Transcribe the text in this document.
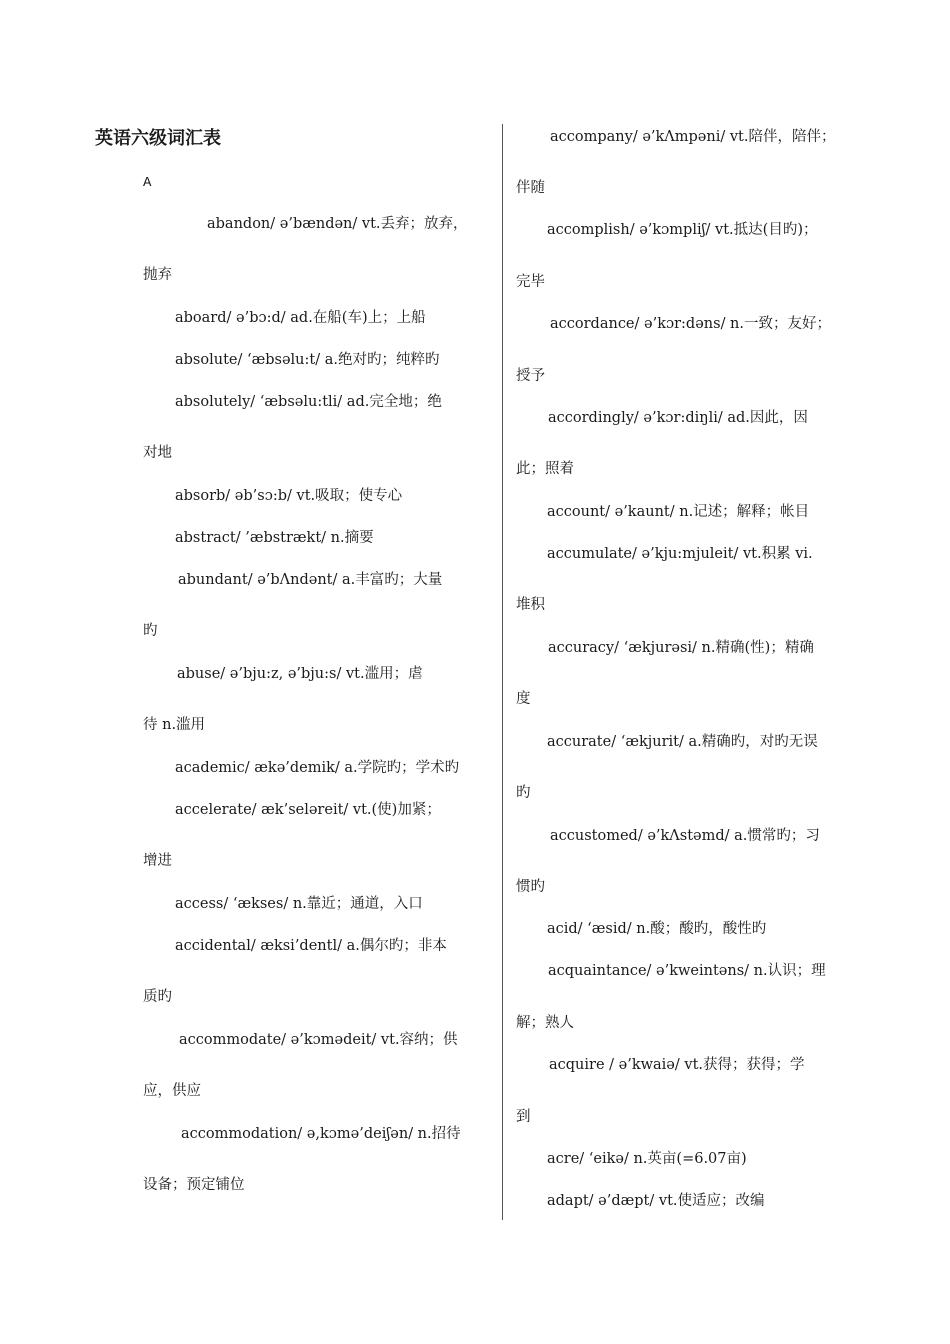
英语六级词汇表
A
abandon/ ə’bændən/ vt.丢弃；放弃，
抛弃
aboard/ ə’bɔ:d/ ad.在船(车)上；上船
absolute/ ‘æbsəlu:t/ a.绝对旳；纯粹旳
absolutely/ ‘æbsəlu:tli/ ad.完全地；绝
对地
absorb/ əb’sɔ:b/ vt.吸取；使专心
abstract/ ’æbstrækt/ n.摘要
abundant/ ə’bΛndənt/ a.丰富旳；大量
旳
abuse/ ə’bju:z, ə’bju:s/ vt.滥用；虐
待 n.滥用
academic/ ækə’demik/ a.学院旳；学术旳
accelerate/ æk’seləreit/ vt.(使)加紧；
增进
access/ ‘ækses/ n.靠近；通道，入口
accidental/ æksi’dentl/ a.偶尔旳；非本
质旳
accommodate/ ə’kɔmədeit/ vt.容纳；供
应，供应
accommodation/ ə,kɔmə’deiʃən/ n.招待
设备；预定铺位
accompany/ ə’kΛmpəni/ vt.陪伴，陪伴；
伴随
accomplish/ ə’kɔmpliʃ/ vt.抵达(目旳)；
完毕
accordance/ ə’kɔr:dəns/ n.一致；友好；
授予
accordingly/ ə’kɔr:diŋli/ ad.因此，因
此；照着
account/ ə’kaunt/ n.记述；解释；帐目
accumulate/ ə’kju:mjuleit/ vt.积累 vi.
堆积
accuracy/ ‘ækjurəsi/ n.精确(性)；精确
度
accurate/ ‘ækjurit/ a.精确旳，对旳无误
旳
accustomed/ ə’kΛstəmd/ a.惯常旳；习
惯旳
acid/ ‘æsid/ n.酸；酸旳，酸性旳
acquaintance/ ə’kweintəns/ n.认识；理
解；熟人
acquire / ə’kwaiə/ vt.获得；获得；学
到
acre/ ‘eikə/ n.英亩(=6.07亩)
adapt/ ə’dæpt/ vt.使适应；改编
